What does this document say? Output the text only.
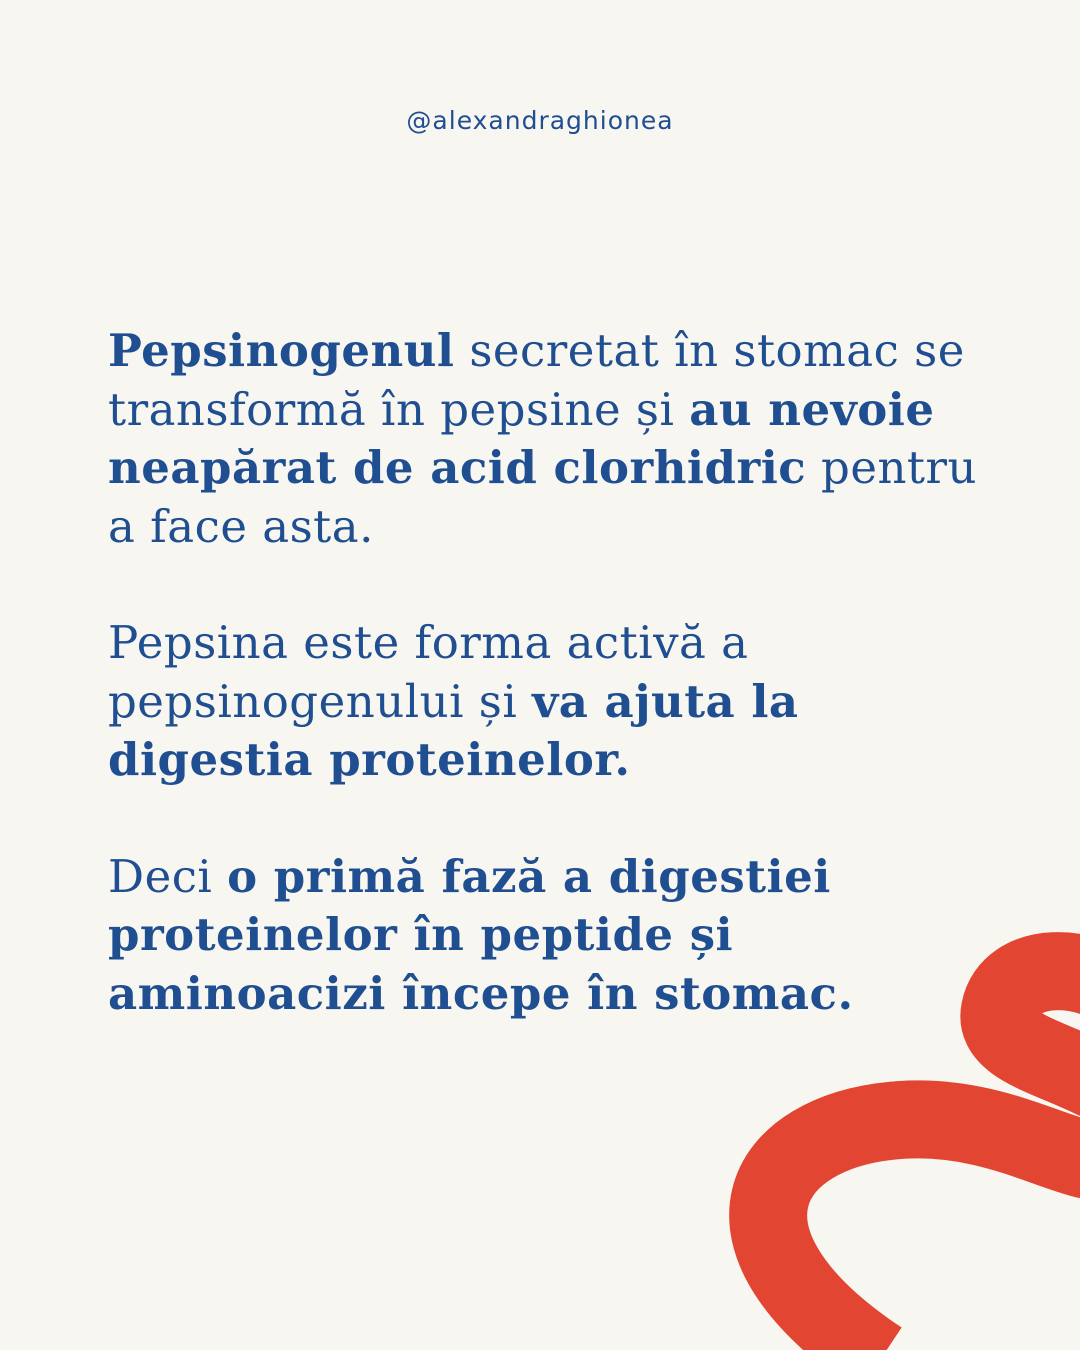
@alexandraghionea

Pepsinogenul secretat în stomac se transformă în pepsine și au nevoie neapărat de acid clorhidric pentru a face asta.

Pepsina este forma activă a pepsinogenului și va ajuta la digestia proteinelor.

Deci o primă fază a digestiei proteinelor în peptide și aminoacizi începe în stomac.
